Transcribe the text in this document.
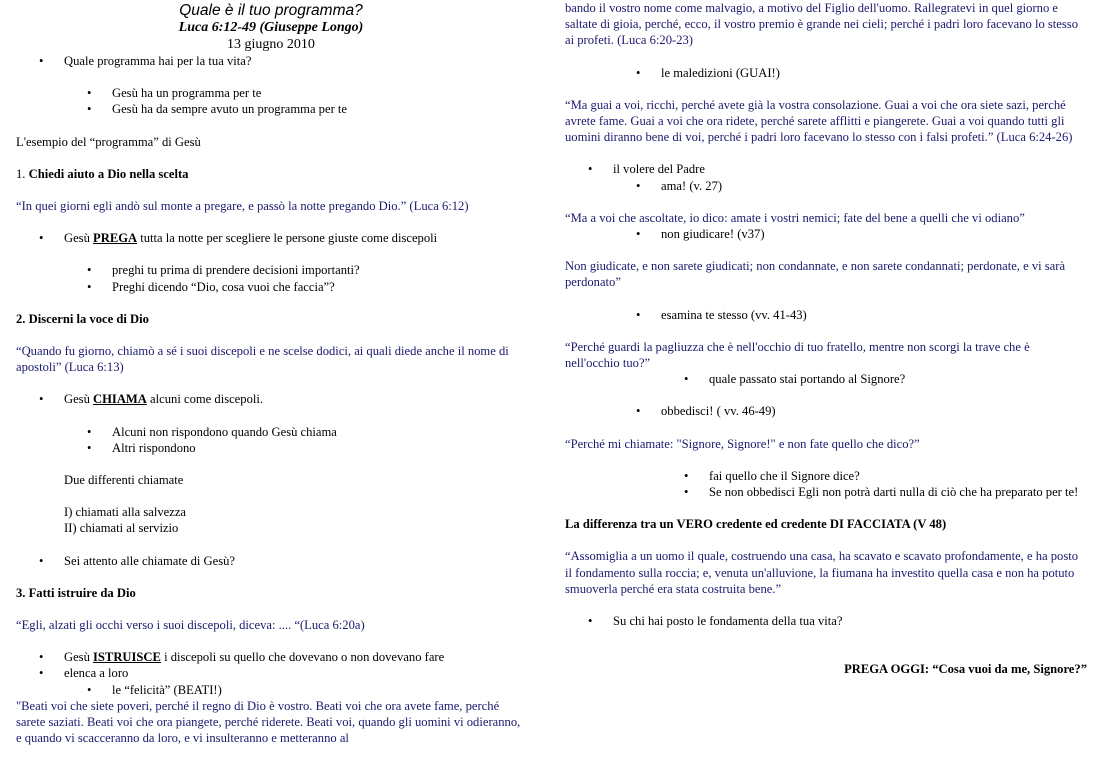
Quale è il tuo programma?
Luca 6:12-49 (Giuseppe Longo)
13 giugno 2010
• Quale programma hai per la tua vita?
• Gesù ha un programma per te
• Gesù ha da sempre avuto un programma per te
L'esempio del “programma” di Gesù
1. Chiedi aiuto a Dio nella scelta
“In quei giorni egli andò sul monte a pregare, e passò la notte pregando Dio.” (Luca 6:12)
• Gesù PREGA tutta la notte per scegliere le persone giuste come discepoli
• preghi tu prima di prendere decisioni importanti?
• Preghi dicendo “Dio, cosa vuoi che faccia”?
2. Discerni la voce di Dio
“Quando fu giorno, chiamò a sé i suoi discepoli e ne scelse dodici, ai quali diede anche il nome di apostoli” (Luca 6:13)
• Gesù CHIAMA alcuni come discepoli.
• Alcuni non rispondono quando Gesù chiama
• Altri rispondono
Due differenti chiamate
I) chiamati alla salvezza
II) chiamati al servizio
• Sei attento alle chiamate di Gesù?
3. Fatti istruire da Dio
“Egli, alzati gli occhi verso i suoi discepoli, diceva: .... “(Luca 6:20a)
• Gesù ISTRUISCE i discepoli su quello che dovevano o non dovevano fare
• elenca a loro
• le “felicità” (BEATI!)
"Beati voi che siete poveri, perché il regno di Dio è vostro. Beati voi che ora avete fame, perché sarete saziati. Beati voi che ora piangete, perché riderete. Beati voi, quando gli uomini vi odieranno, e quando vi scacceranno da loro, e vi insulteranno e metteranno al
bando il vostro nome come malvagio, a motivo del Figlio dell'uomo. Rallegratevi in quel giorno e saltate di gioia, perché, ecco, il vostro premio è grande nei cieli; perché i padri loro facevano lo stesso ai profeti. (Luca 6:20-23)
• le maledizioni (GUAI!)
“Ma guai a voi, ricchi, perché avete già la vostra consolazione. Guai a voi che ora siete sazi, perché avrete fame. Guai a voi che ora ridete, perché sarete afflitti e piangerete. Guai a voi quando tutti gli uomini diranno bene di voi, perché i padri loro facevano lo stesso con i falsi profeti.” (Luca 6:24-26)
• il volere del Padre
• ama! (v. 27)
“Ma a voi che ascoltate, io dico: amate i vostri nemici; fate del bene a quelli che vi odiano”
• non giudicare! (v37)
Non giudicate, e non sarete giudicati; non condannate, e non sarete condannati; perdonate, e vi sarà perdonato”
• esamina te stesso (vv. 41-43)
“Perché guardi la pagliuzza che è nell'occhio di tuo fratello, mentre non scorgi la trave che è nell'occhio tuo?”
• quale passato stai portando al Signore?
• obbedisci! ( vv. 46-49)
“Perché mi chiamate: "Signore, Signore!" e non fate quello che dico?”
• fai quello che il Signore dice?
• Se non obbedisci Egli non potrà darti nulla di ciò che ha preparato per te!
La differenza tra un VERO credente ed credente DI FACCIATA (V 48)
“Assomiglia a un uomo il quale, costruendo una casa, ha scavato e scavato profondamente, e ha posto il fondamento sulla roccia; e, venuta un'alluvione, la fiumana ha investito quella casa e non ha potuto smuoverla perché era stata costruita bene.”
• Su chi hai posto le fondamenta della tua vita?
PREGA OGGI: “Cosa vuoi da me, Signore?”
